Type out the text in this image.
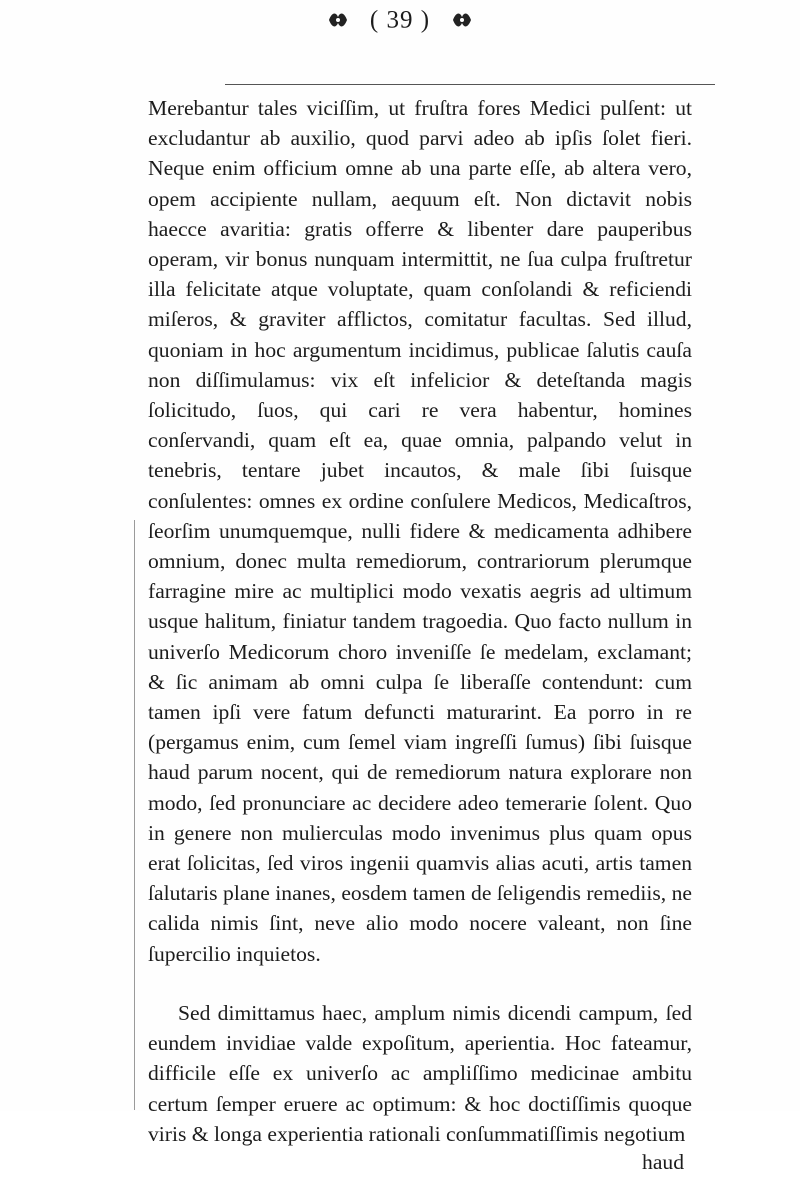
( 39 )

Merebantur tales viciſſim, ut fruſtra fores Medici pulſent: ut excludantur ab auxilio, quod parvi adeo ab ipſis ſolet fieri. Neque enim officium omne ab una parte eſſe, ab altera vero, opem accipiente nullam, aequum eſt. Non dictavit nobis haecce avaritia: gratis offerre & libenter dare pauperibus operam, vir bonus nunquam intermittit, ne ſua culpa fruſtretur illa felicitate atque voluptate, quam conſolandi & reficiendi miſeros, & graviter afflictos, comitatur facultas. Sed illud, quoniam in hoc argumentum incidimus, publicae ſalutis cauſa non diſſimulamus: vix eſt infelicior & deteſtanda magis ſolicitudo, ſuos, qui cari re vera habentur, homines conſervandi, quam eſt ea, quae omnia, palpando velut in tenebris, tentare jubet incautos, & male ſibi ſuisque conſulentes: omnes ex ordine conſulere Medicos, Medicaſtros, ſeorſim unumquemque, nulli fidere & medicamenta adhibere omnium, donec multa remediorum, contrariorum plerumque farragine mire ac multiplici modo vexatis aegris ad ultimum usque halitum, finiatur tandem tragoedia. Quo facto nullum in univerſo Medicorum choro inveniſſe ſe medelam, exclamant; & ſic animam ab omni culpa ſe liberaſſe contendunt: cum tamen ipſi vere fatum defuncti maturarint. Ea porro in re (pergamus enim, cum ſemel viam ingreſſi ſumus) ſibi ſuisque haud parum nocent, qui de remediorum natura explorare non modo, ſed pronunciare ac decidere adeo temerarie ſolent. Quo in genere non mulierculas modo invenimus plus quam opus erat ſolicitas, ſed viros ingenii quamvis alias acuti, artis tamen ſalutaris plane inanes, eosdem tamen de ſeligendis remediis, ne calida nimis ſint, neve alio modo nocere valeant, non ſine ſupercilio inquietos.

Sed dimittamus haec, amplum nimis dicendi campum, ſed eundem invidiae valde expoſitum, aperientia. Hoc fateamur, difficile eſſe ex univerſo ac ampliſſimo medicinae ambitu certum ſemper eruere ac optimum: & hoc doctiſſimis quoque viris & longa experientia rationali conſummatiſſimis negotium

haud
